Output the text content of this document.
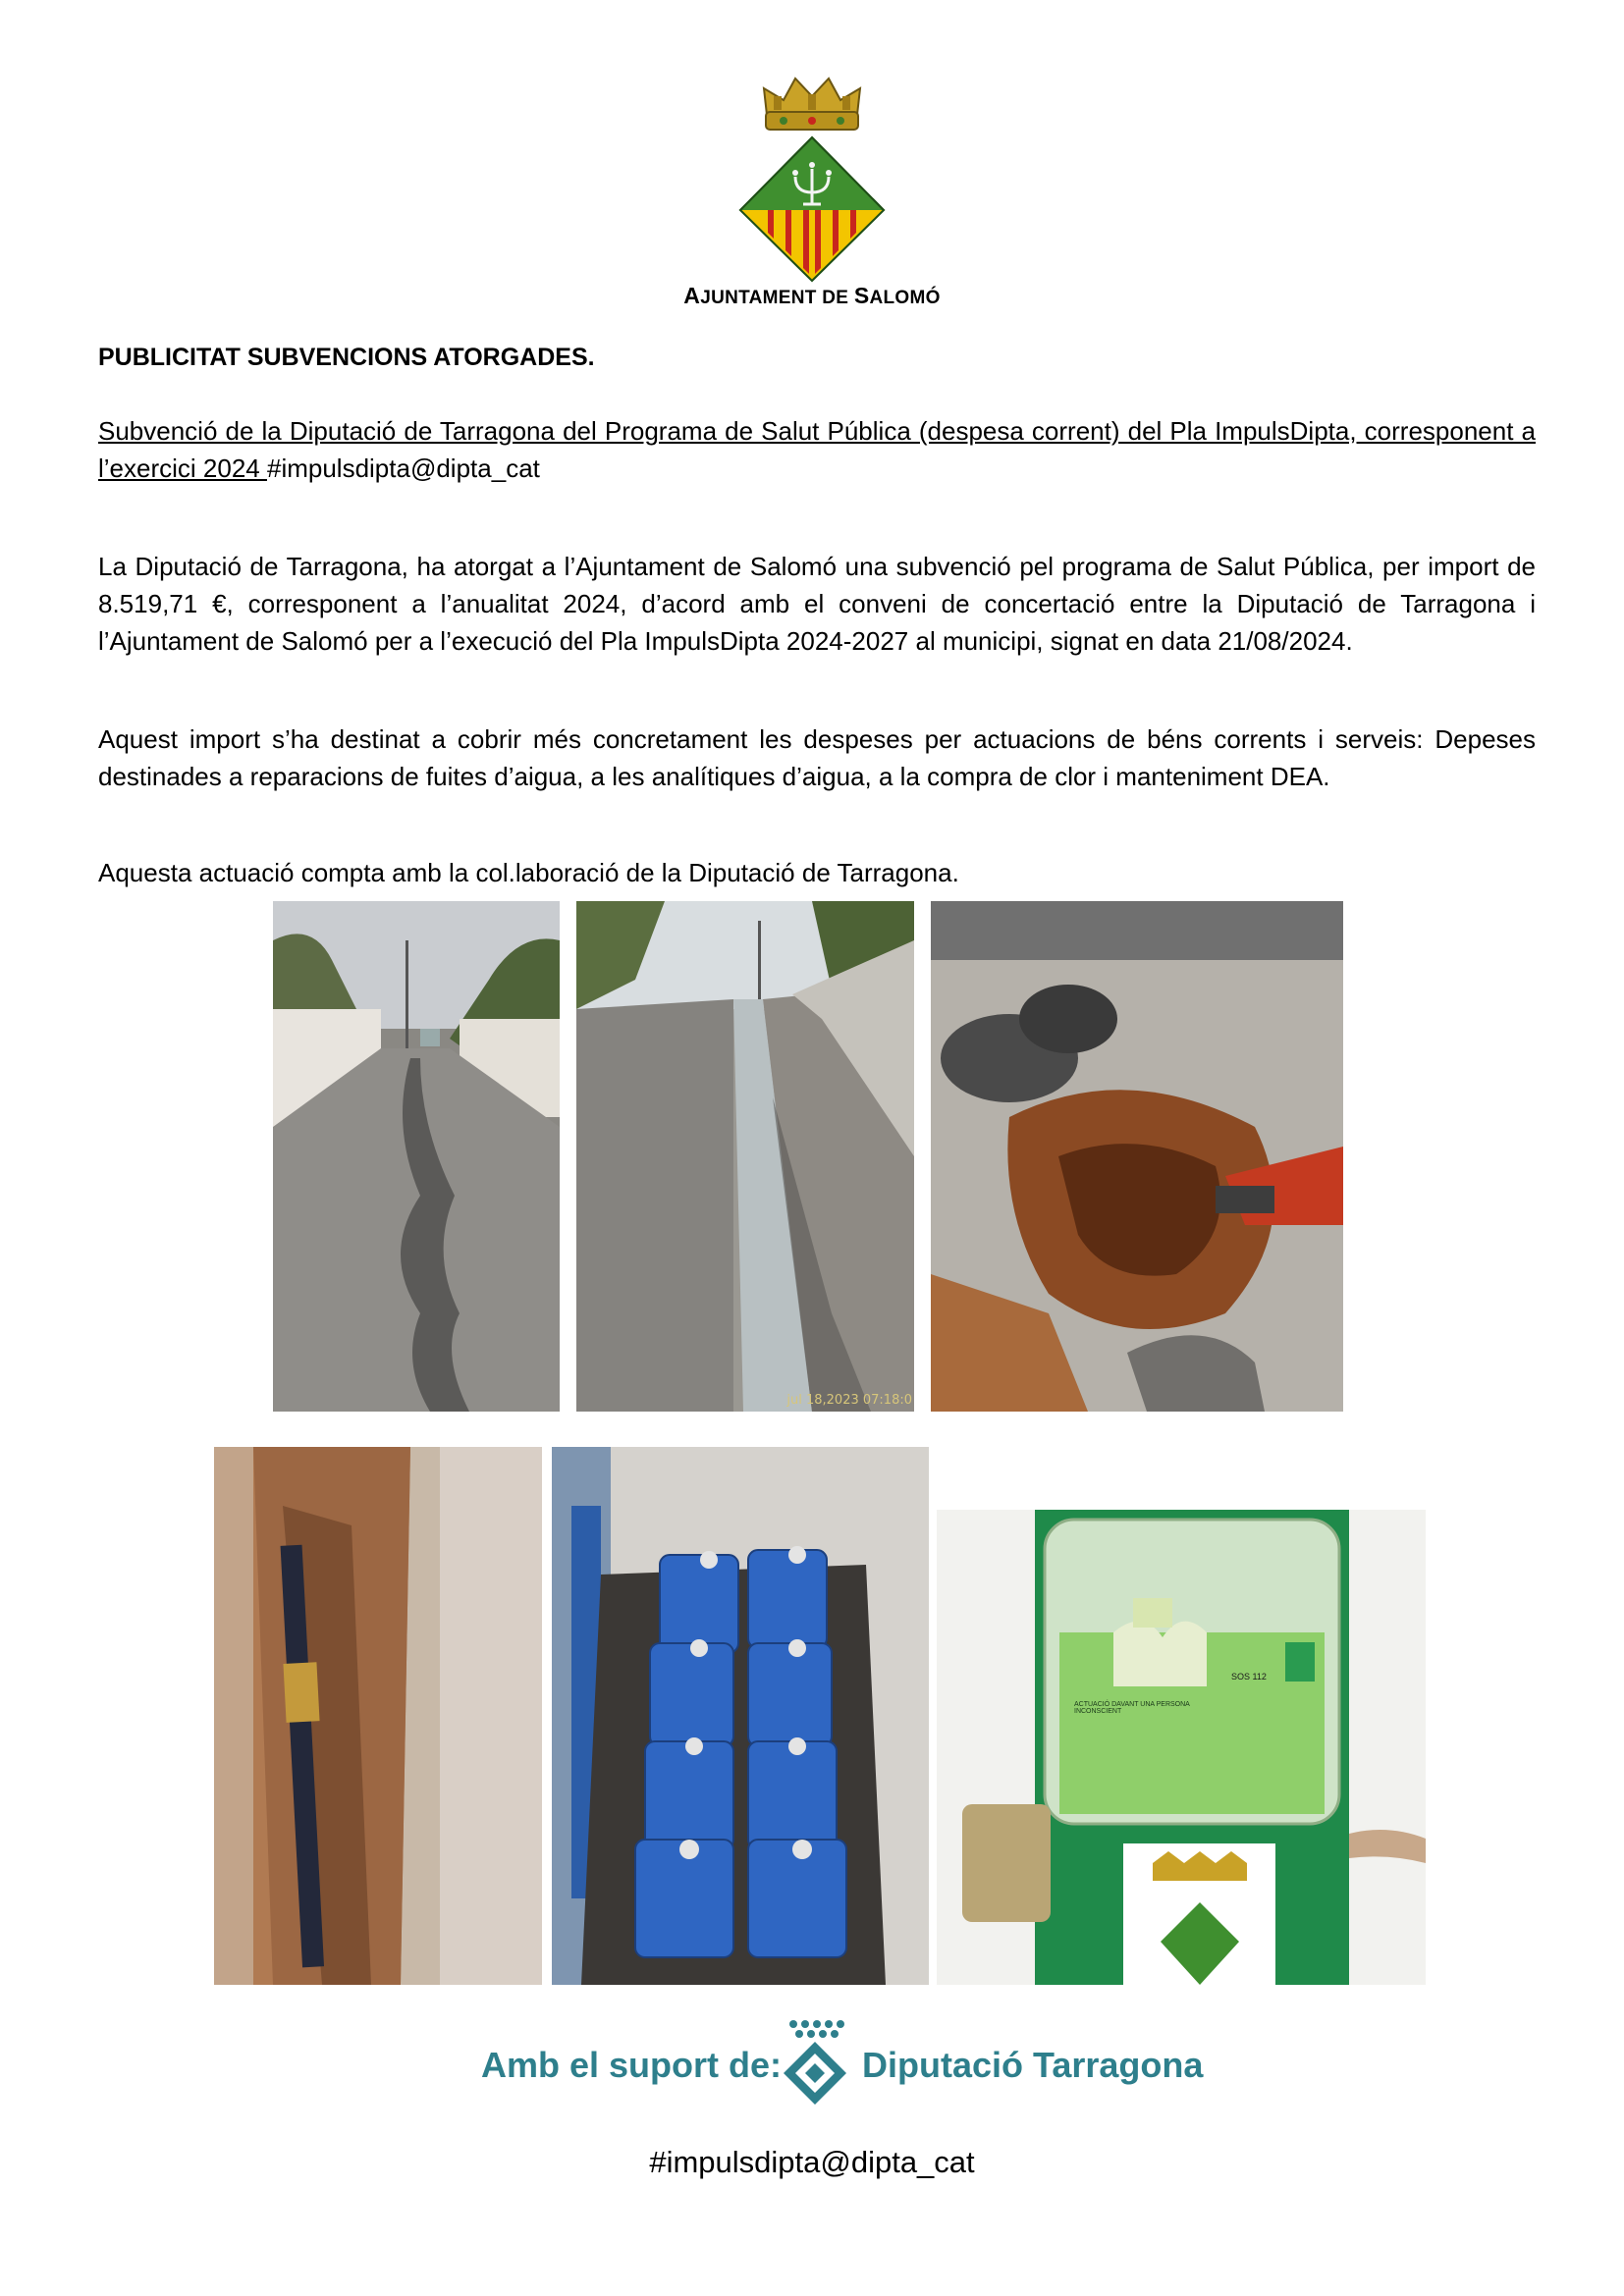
AJUNTAMENT DE SALOMÓ
PUBLICITAT SUBVENCIONS ATORGADES.
Subvenció de la Diputació de Tarragona del Programa de Salut Pública (despesa corrent) del Pla ImpulsDipta, corresponent a l’exercici 2024 #impulsdipta@dipta_cat

La Diputació de Tarragona, ha atorgat a l’Ajuntament de Salomó una subvenció pel programa de Salut Pública, per import de 8.519,71 €, corresponent a l’anualitat 2024, d’acord amb el conveni de concertació entre la Diputació de Tarragona i l’Ajuntament de Salomó per a l’execució del Pla ImpulsDipta 2024-2027 al municipi, signat en data 21/08/2024.

Aquest import s’ha destinat a cobrir més concretament les despeses per actuacions de béns corrents i serveis: Depeses destinades a reparacions de fuites d’aigua, a les analítiques d’aigua, a la compra de clor i manteniment DEA.

Aquesta actuació compta amb la col.laboració de la Diputació de Tarragona.

jul 18,2023 07:18:0
SOS 112
ACTUACIÓ DAVANT UNA PERSONA INCONSCIENT
Amb el suport de: Diputació Tarragona
#impulsdipta@dipta_cat
